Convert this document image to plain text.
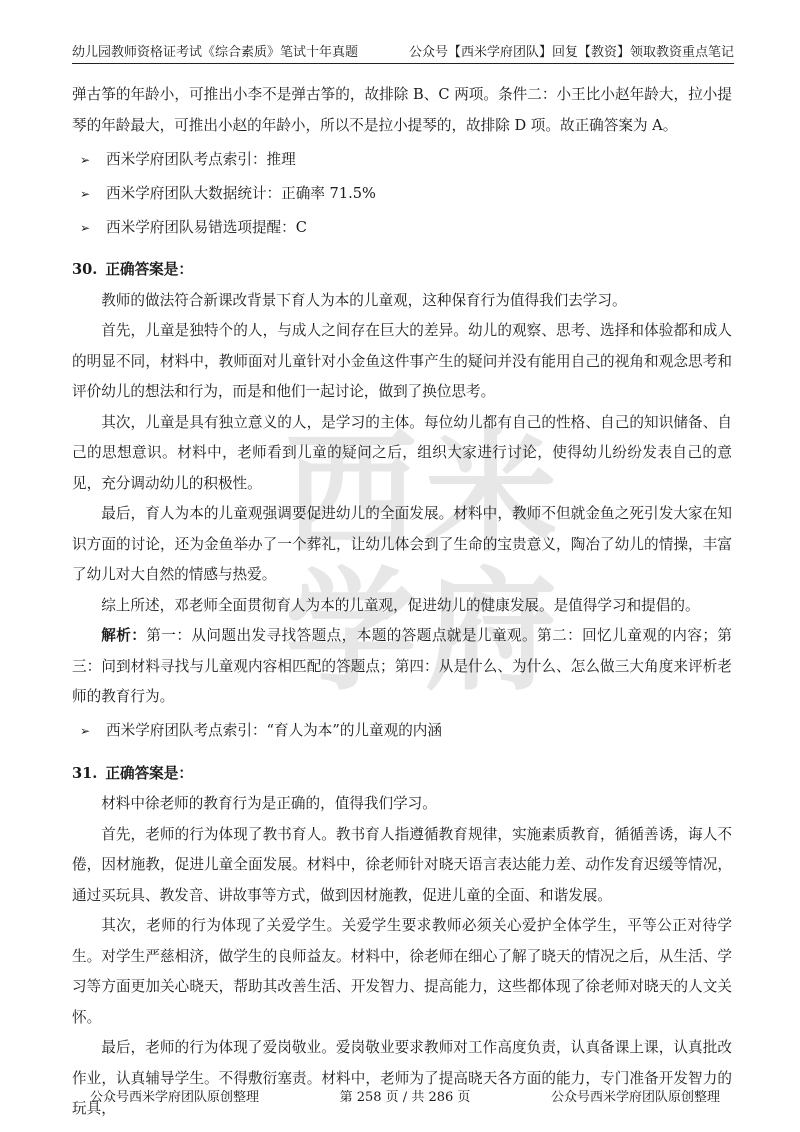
幼儿园教师资格证考试《综合素质》笔试十年真题	公众号【西米学府团队】回复【教资】领取教资重点笔记
西 米
学 府

弹古筝的年龄小，可推出小李不是弹古筝的，故排除 B、C 两项。条件二：小王比小赵年龄大，拉小提琴的年龄最大，可推出小赵的年龄小，所以不是拉小提琴的，故排除 D 项。故正确答案为 A。

➢	西米学府团队考点索引：推理
➢	西米学府团队大数据统计：正确率 71.5%
➢	西米学府团队易错选项提醒：C

30. 正确答案是：

教师的做法符合新课改背景下育人为本的儿童观，这种保育行为值得我们去学习。

首先，儿童是独特个的人，与成人之间存在巨大的差异。幼儿的观察、思考、选择和体验都和成人的明显不同，材料中，教师面对儿童针对小金鱼这件事产生的疑问并没有能用自己的视角和观念思考和评价幼儿的想法和行为，而是和他们一起讨论，做到了换位思考。

其次，儿童是具有独立意义的人，是学习的主体。每位幼儿都有自己的性格、自己的知识储备、自己的思想意识。材料中，老师看到儿童的疑问之后，组织大家进行讨论，使得幼儿纷纷发表自己的意见，充分调动幼儿的积极性。

最后，育人为本的儿童观强调要促进幼儿的全面发展。材料中，教师不但就金鱼之死引发大家在知识方面的讨论，还为金鱼举办了一个葬礼，让幼儿体会到了生命的宝贵意义，陶冶了幼儿的情操，丰富了幼儿对大自然的情感与热爱。

综上所述，邓老师全面贯彻育人为本的儿童观，促进幼儿的健康发展。是值得学习和提倡的。

解析：第一：从问题出发寻找答题点，本题的答题点就是儿童观。第二：回忆儿童观的内容；第三：问到材料寻找与儿童观内容相匹配的答题点；第四：从是什么、为什么、怎么做三大角度来评析老师的教育行为。

➢	西米学府团队考点索引：“育人为本”的儿童观的内涵

31. 正确答案是：

材料中徐老师的教育行为是正确的，值得我们学习。

首先，老师的行为体现了教书育人。教书育人指遵循教育规律，实施素质教育，循循善诱，诲人不倦，因材施教，促进儿童全面发展。材料中，徐老师针对晓天语言表达能力差、动作发育迟缓等情况，通过买玩具、教发音、讲故事等方式，做到因材施教，促进儿童的全面、和谐发展。

其次，老师的行为体现了关爱学生。关爱学生要求教师必须关心爱护全体学生，平等公正对待学生。对学生严慈相济，做学生的良师益友。材料中，徐老师在细心了解了晓天的情况之后，从生活、学习等方面更加关心晓天，帮助其改善生活、开发智力、提高能力，这些都体现了徐老师对晓天的人文关怀。

最后，老师的行为体现了爱岗敬业。爱岗敬业要求教师对工作高度负责，认真备课上课，认真批改作业，认真辅导学生。不得敷衍塞责。材料中，老师为了提高晓天各方面的能力，专门准备开发智力的玩具，

公众号西米学府团队原创整理	第 258 页 / 共 286 页	公众号西米学府团队原创整理
